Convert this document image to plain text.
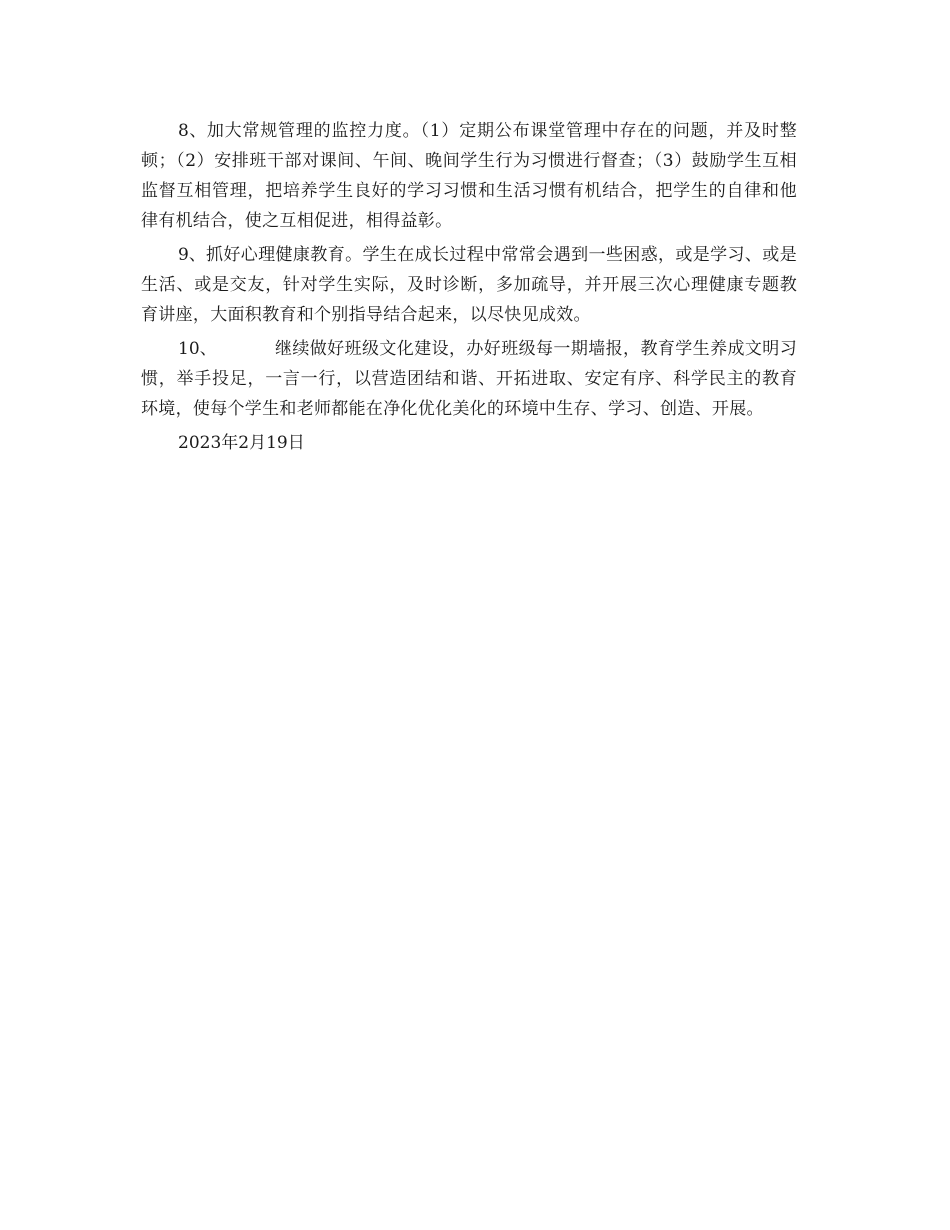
8、加大常规管理的监控力度。（1）定期公布课堂管理中存在的问题，并及时整顿；（2）安排班干部对课间、午间、晚间学生行为习惯进行督查；（3）鼓励学生互相监督互相管理，把培养学生良好的学习习惯和生活习惯有机结合，把学生的自律和他律有机结合，使之互相促进，相得益彰。

9、抓好心理健康教育。学生在成长过程中常常会遇到一些困惑，或是学习、或是生活、或是交友，针对学生实际，及时诊断，多加疏导，并开展三次心理健康专题教育讲座，大面积教育和个别指导结合起来，以尽快见成效。

10、	继续做好班级文化建设，办好班级每一期墙报，教育学生养成文明习惯，举手投足，一言一行，以营造团结和谐、开拓进取、安定有序、科学民主的教育环境，使每个学生和老师都能在净化优化美化的环境中生存、学习、创造、开展。

2023年2月19日
